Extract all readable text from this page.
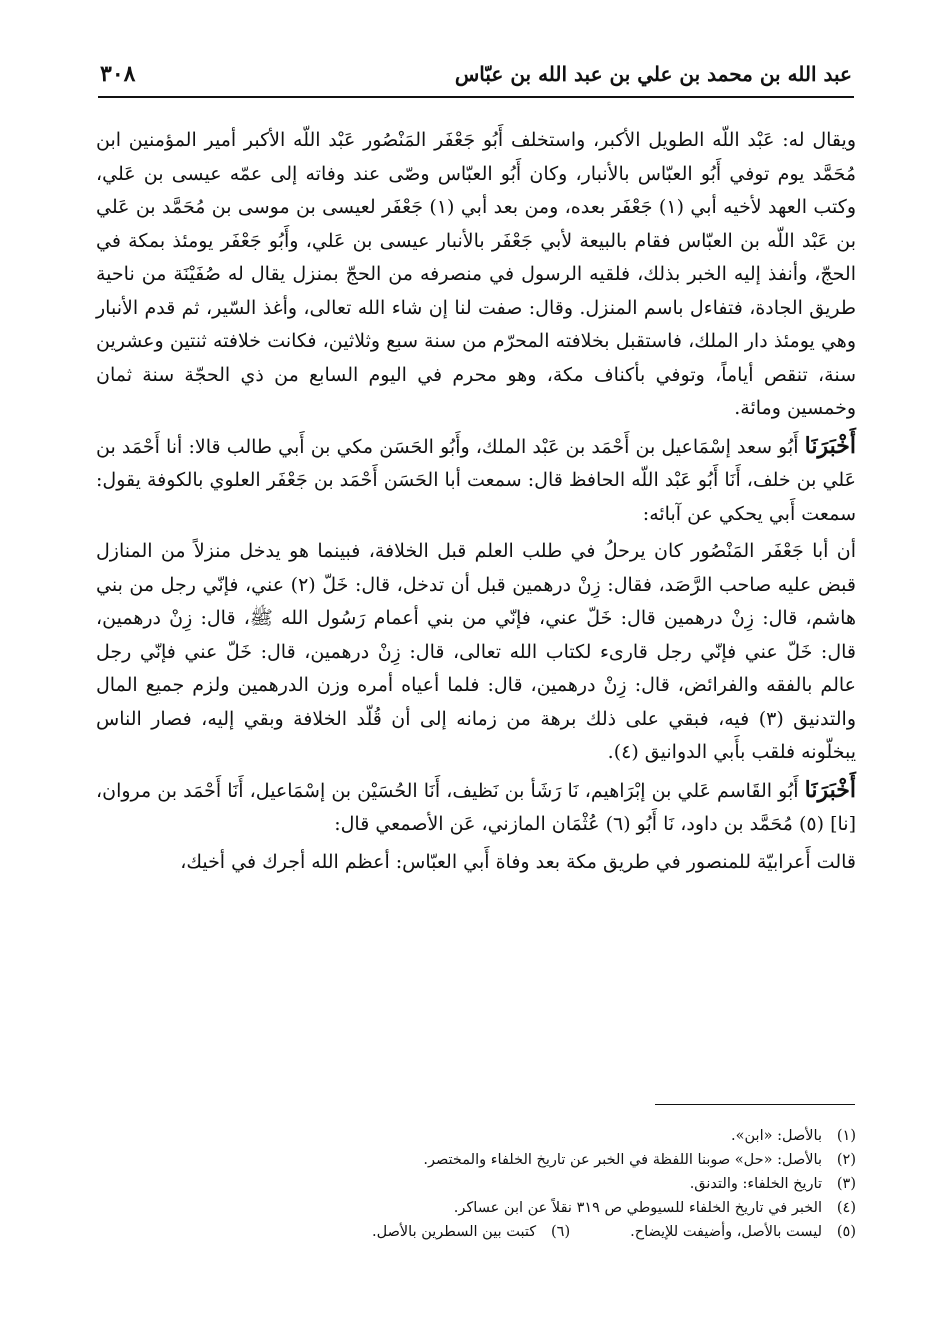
٣٠٨	عبد الله بن محمد بن علي بن عبد الله بن عبّاس

ويقال له: عَبْد اللّه الطويل الأكبر، واستخلف أَبُو جَعْفَر المَنْصُور عَبْد اللّه الأكبر أمير المؤمنين ابن مُحَمَّد يوم توفي أَبُو العبّاس بالأنبار، وكان أَبُو العبّاس وصّى عند وفاته إلى عمّه عيسى بن عَلي، وكتب العهد لأخيه أبي (١) جَعْفَر بعده، ومن بعد أبي (١) جَعْفَر لعيسى بن موسى بن مُحَمَّد بن عَلي بن عَبْد اللّه بن العبّاس فقام بالبيعة لأبي جَعْفَر بالأنبار عيسى بن عَلي، وأَبُو جَعْفَر يومئذ بمكة في الحجّ، وأنفذ إليه الخبر بذلك، فلقيه الرسول في منصرفه من الحجّ بمنزل يقال له صُفَيْنَة من ناحية طريق الجادة، فتفاءل باسم المنزل. وقال: صفت لنا إن شاء الله تعالى، وأغذ السّير، ثم قدم الأنبار وهي يومئذ دار الملك، فاستقبل بخلافته المحرّم من سنة سبع وثلاثين، فكانت خلافته ثنتين وعشرين سنة، تنقص أياماً، وتوفي بأكناف مكة، وهو محرم في اليوم السابع من ذي الحجّة سنة ثمان وخمسين ومائة.

أَخْبَرَنَا أَبُو سعد إسْمَاعيل بن أَحْمَد بن عَبْد الملك، وأَبُو الحَسَن مكي بن أَبي طالب قالا: أنا أَحْمَد بن عَلي بن خلف، أَنَا أَبُو عَبْد اللّه الحافظ قال: سمعت أبا الحَسَن أَحْمَد بن جَعْفَر العلوي بالكوفة يقول: سمعت أَبي يحكي عن آبائه:

أن أبا جَعْفَر المَنْصُور كان يرحلُ في طلب العلم قبل الخلافة، فبينما هو يدخل منزلاً من المنازل قبض عليه صاحب الرَّصَد، فقال: زِنْ درهمين قبل أن تدخل، قال: خَلّ (٢) عني، فإنّي رجل من بني هاشم، قال: زِنْ درهمين قال: خَلّ عني، فإنّي من بني أعمام رَسُول الله ﷺ، قال: زِنْ درهمين، قال: خَلّ عني فإنّي رجل قارىء لكتاب الله تعالى، قال: زِنْ درهمين، قال: خَلّ عني فإنّي رجل عالم بالفقه والفرائض، قال: زِنْ درهمين، قال: فلما أعياه أمره وزن الدرهمين ولزم جميع المال والتدنيق (٣) فيه، فبقي على ذلك برهة من زمانه إلى أن قُلّد الخلافة وبقي إليه، فصار الناس يبخلّونه فلقب بأَبي الدوانيق (٤).

أَخْبَرَنَا أَبُو القَاسم عَلي بن إبْرَاهيم، نَا رَشَأ بن نَظيف، أَنَا الحُسَيْن بن إسْمَاعيل، أَنَا أَحْمَد بن مروان، [نا] (٥) مُحَمَّد بن داود، نَا أَبُو (٦) عُثْمَان المازني، عَن الأصمعي قال:

قالت أَعرابيّة للمنصور في طريق مكة بعد وفاة أَبي العبّاس: أعظم الله أجرك في أخيك،

(١)
بالأصل: «ابن».
(٢)
بالأصل: «حل» صوبنا اللفظة في الخبر عن تاريخ الخلفاء والمختصر.
(٣)
تاريخ الخلفاء: والتدنق.
(٤)
الخبر في تاريخ الخلفاء للسيوطي ص ٣١٩ نقلاً عن ابن عساكر.
(٥)
ليست بالأصل، وأضيفت للإيضاح.
(٦)
كتبت بين السطرين بالأصل.
